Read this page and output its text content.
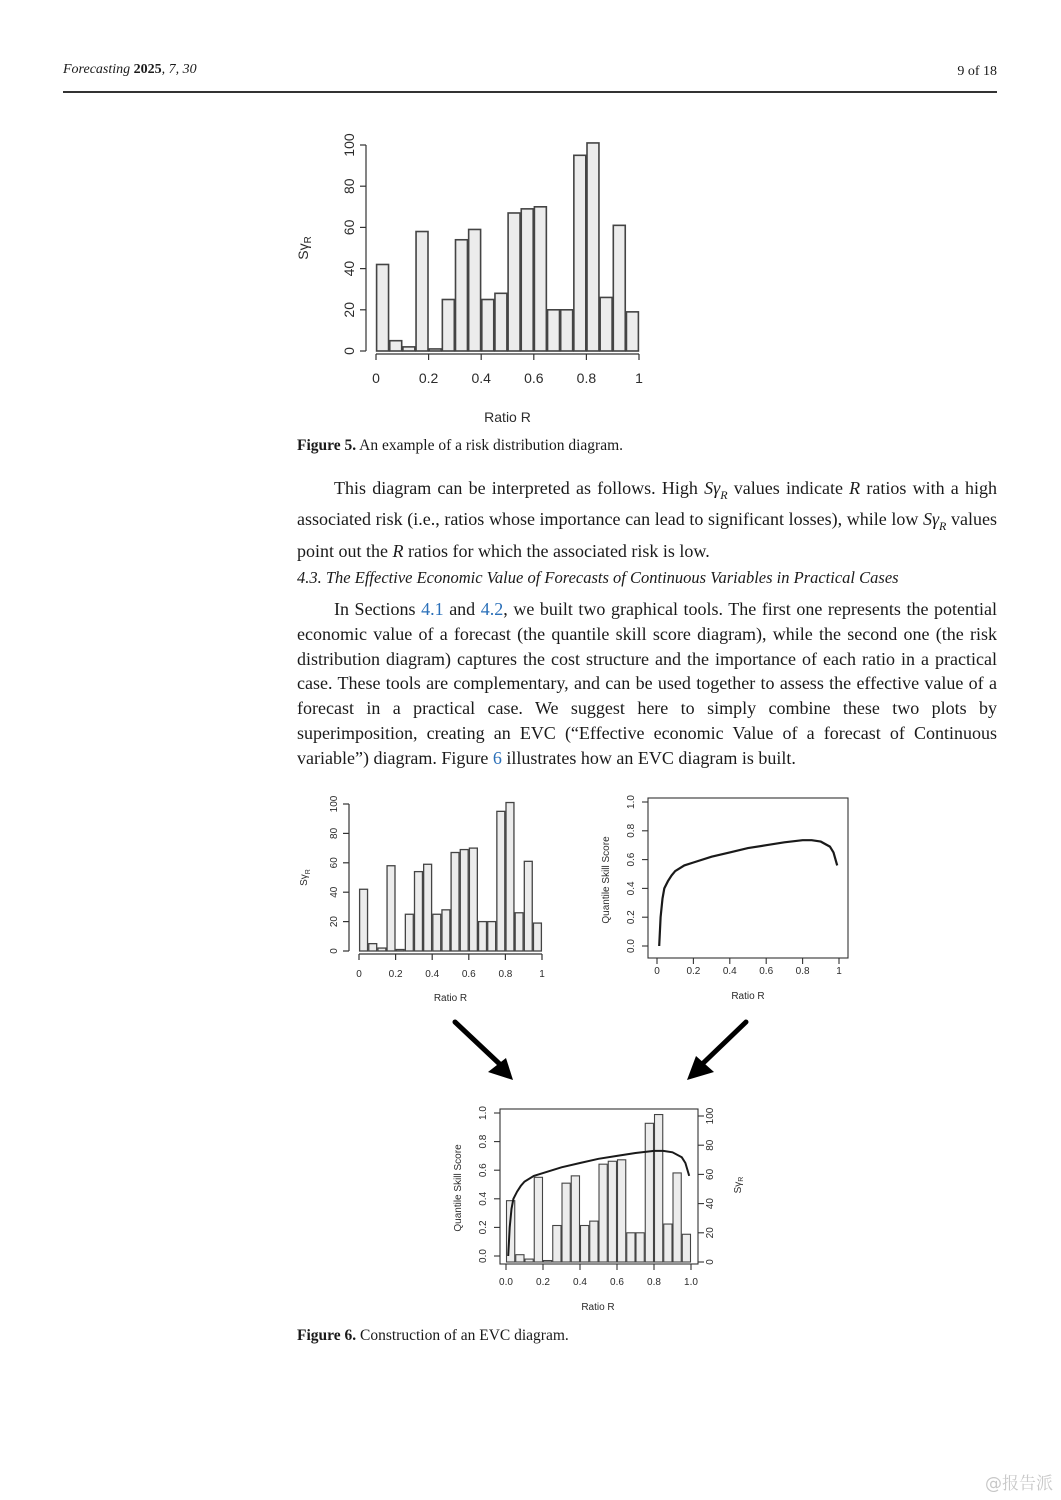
Forecasting 2025, 7, 30	9 of 18
0
20
40
60
80
100
0	0.2 0.4 0.6 0.8	1
Ratio R
$S\gamma_R$
Figure 5. An example of a risk distribution diagram.
This diagram can be interpreted as follows. High $S\gamma_R$ values indicate R ratios with a high associated risk (i.e., ratios whose importance can lead to significant losses), while low $S\gamma_R$ values point out the R ratios for which the associated risk is low.
4.3. The Effective Economic Value of Forecasts of Continuous Variables in Practical Cases
In Sections 4.1 and 4.2, we built two graphical tools. The first one represents the potential economic value of a forecast (the quantile skill score diagram), while the second one (the risk distribution diagram) captures the cost structure and the importance of each ratio in a practical case. These tools are complementary, and can be used together to assess the effective value of a forecast in a practical case. We suggest here to simply combine these two plots by superimposition, creating an EVC (“Effective economic Value of a forecast of Continuous variable”) diagram. Figure 6 illustrates how an EVC diagram is built.
0
20
40
60
80
100
0	0.2 0.4 0.6 0.8	1
Ratio R
$S\gamma_R$
0.0
0.2
0.4
0.6
0.8
1.0
0	0.2 0.4 0.6 0.8	1
Ratio R
Quantile Skill Score
0.0
0.2
0.4
0.6
0.8
1.0
0
20
40
60
80
100
0.0 0.2 0.4 0.6 0.8 1.0
Ratio R
Quantile Skill Score	$S\gamma_R$
Figure 6. Construction of an EVC diagram.
@报告派
